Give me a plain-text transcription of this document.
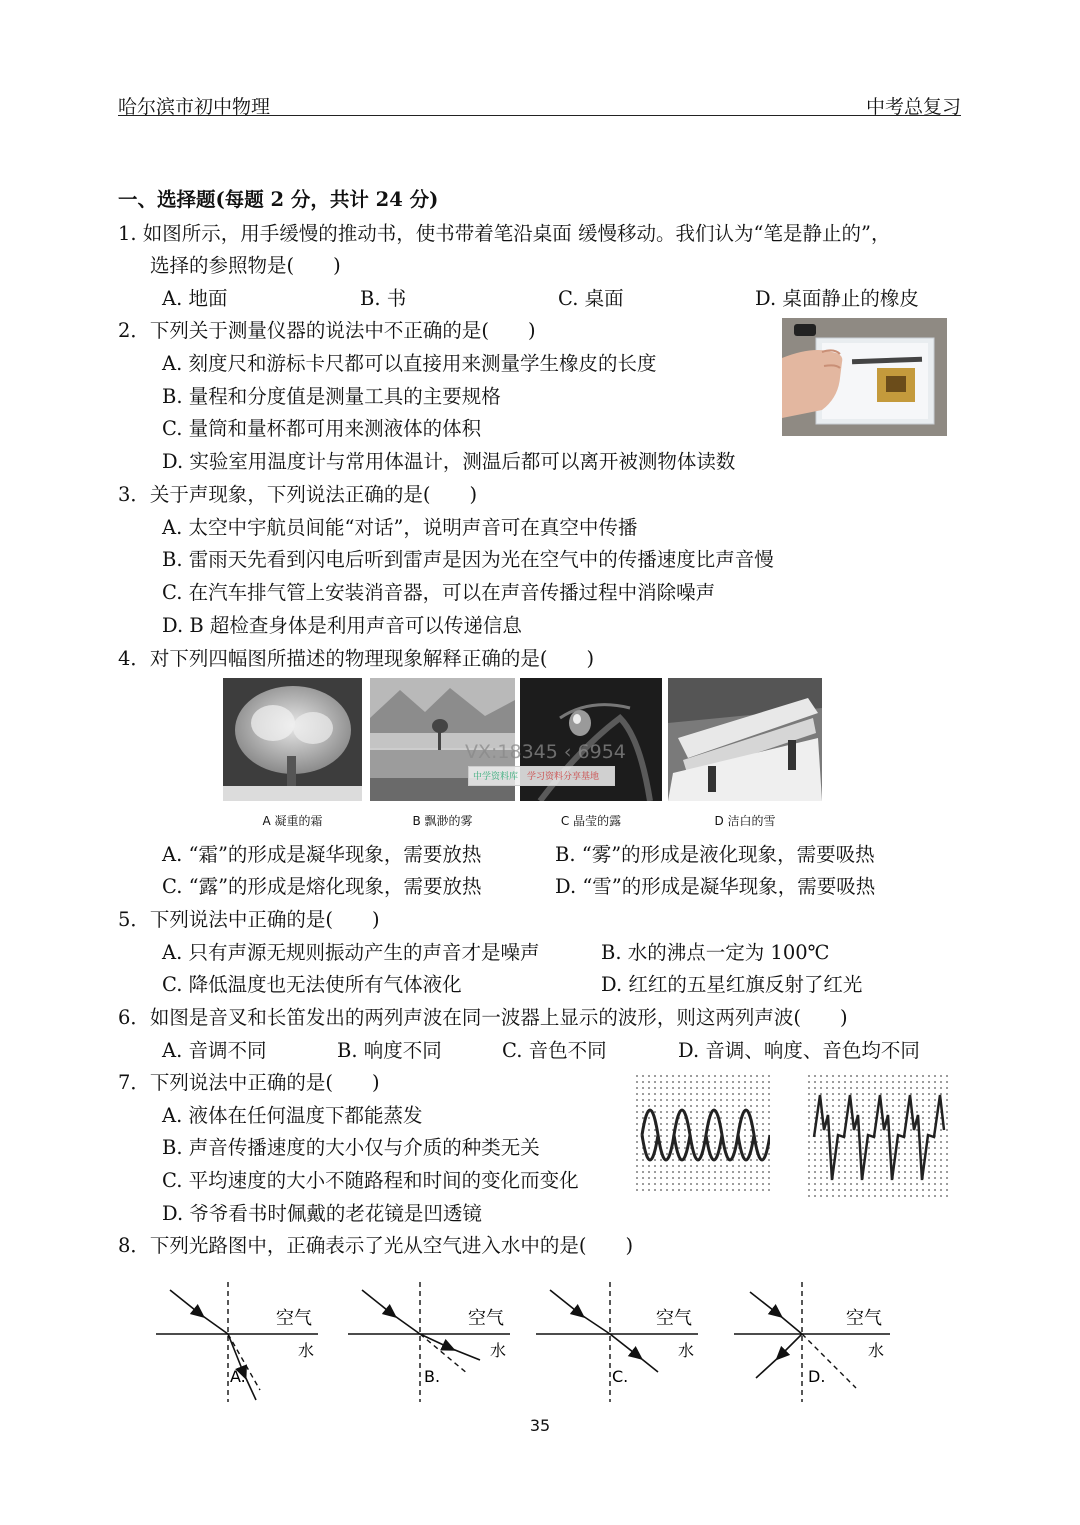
哈尔滨市初中物理	中考总复习
一、选择题(每题 2 分，共计 24 分)
1. 如图所示，用手缓慢的推动书，使书带着笔沿桌面 缓慢移动。我们认为“笔是静止的”，
选择的参照物是(　　)
A. 地面	B. 书	C. 桌面	D. 桌面静止的橡皮
2．下列关于测量仪器的说法中不正确的是(　　)
A. 刻度尺和游标卡尺都可以直接用来测量学生橡皮的长度
B. 量程和分度值是测量工具的主要规格
C. 量筒和量杯都可用来测液体的体积
D. 实验室用温度计与常用体温计，测温后都可以离开被测物体读数
3．关于声现象，下列说法正确的是(　　)
A. 太空中宇航员间能“对话”，说明声音可在真空中传播
B. 雷雨天先看到闪电后听到雷声是因为光在空气中的传播速度比声音慢
C. 在汽车排气管上安装消音器，可以在声音传播过程中消除噪声
D. B 超检查身体是利用声音可以传递信息
4．对下列四幅图所描述的物理现象解释正确的是(　　)
VX:18345 ‹ 6954
中学资料库 学习资料分享基地
A 凝重的霜	B 飘渺的雾	C 晶莹的露	D 洁白的雪
A. “霜”的形成是凝华现象，需要放热	B. “雾”的形成是液化现象，需要吸热
C. “露”的形成是熔化现象，需要放热	D. “雪”的形成是凝华现象，需要吸热
5．下列说法中正确的是(　　)
A. 只有声源无规则振动产生的声音才是噪声	B. 水的沸点一定为 100℃
C. 降低温度也无法使所有气体液化	D. 红红的五星红旗反射了红光
6．如图是音叉和长笛发出的两列声波在同一波器上显示的波形，则这两列声波(　　)
A. 音调不同	B. 响度不同	C. 音色不同	D. 音调、响度、音色均不同
7．下列说法中正确的是(　　)
A. 液体在任何温度下都能蒸发
B. 声音传播速度的大小仅与介质的种类无关
C. 平均速度的大小不随路程和时间的变化而变化
D. 爷爷看书时佩戴的老花镜是凹透镜
8．下列光路图中，正确表示了光从空气进入水中的是(　　)
空气
水
A.
空气
水
B.
空气
水
C.
空气
水
D.
35
